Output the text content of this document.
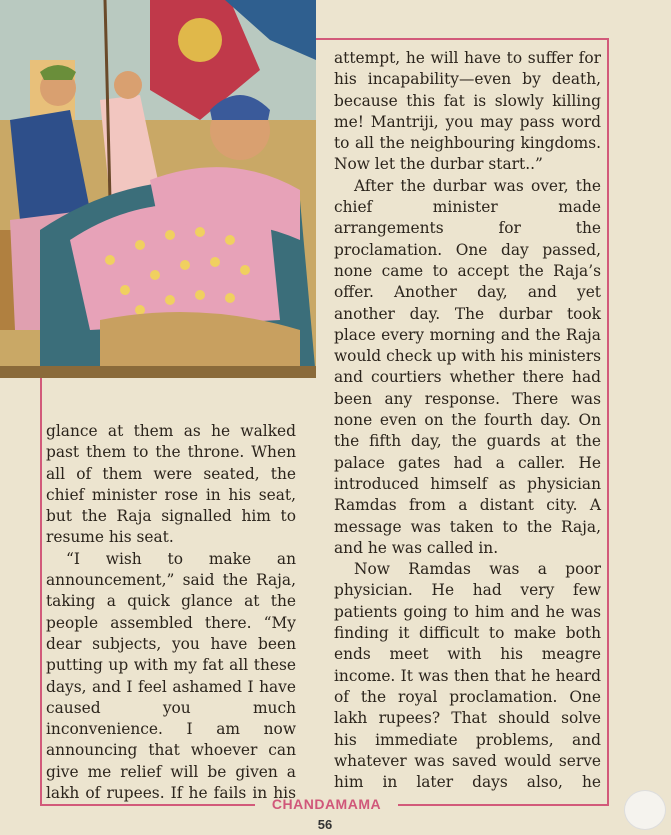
glance at them as he walked past them to the throne. When all of them were seated, the chief minister rose in his seat, but the Raja signalled him to resume his seat.

“I wish to make an announcement,” said the Raja, taking a quick glance at the people assembled there. “My dear subjects, you have been putting up with my fat all these days, and I feel ashamed I have caused you much inconvenience. I am now announcing that whoever can give me relief will be given a lakh of rupees. If he fails in his

attempt, he will have to suffer for his incapability—even by death, because this fat is slowly killing me! Mantriji, you may pass word to all the neighbouring kingdoms. Now let the durbar start..”

After the durbar was over, the chief minister made arrangements for the proclamation. One day passed, none came to accept the Raja’s offer. Another day, and yet another day. The durbar took place every morning and the Raja would check up with his ministers and courtiers whether there had been any response. There was none even on the fourth day. On the fifth day, the guards at the palace gates had a caller. He introduced himself as physician Ramdas from a distant city. A message was taken to the Raja, and he was called in.

Now Ramdas was a poor physician. He had very few patients going to him and he was finding it difficult to make both ends meet with his meagre income. It was then that he heard of the royal proclamation. One lakh rupees? That should solve his immediate problems, and whatever was saved would serve him in later days also, he

CHANDAMAMA
56
